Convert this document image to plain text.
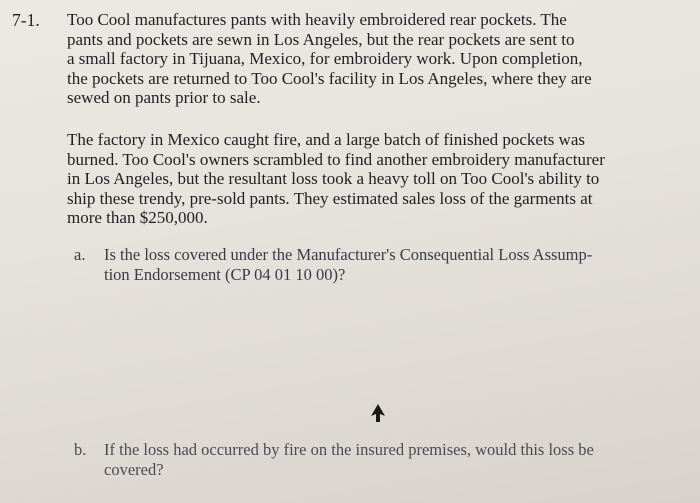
7-1. Too Cool manufactures pants with heavily embroidered rear pockets. The
pants and pockets are sewn in Los Angeles, but the rear pockets are sent to
a small factory in Tijuana, Mexico, for embroidery work. Upon completion,
the pockets are returned to Too Cool's facility in Los Angeles, where they are
sewed on pants prior to sale.

The factory in Mexico caught fire, and a large batch of finished pockets was
burned. Too Cool's owners scrambled to find another embroidery manufacturer
in Los Angeles, but the resultant loss took a heavy toll on Too Cool's ability to
ship these trendy, pre-sold pants. They estimated sales loss of the garments at
more than $250,000.

a. Is the loss covered under the Manufacturer's Consequential Loss Assump-
tion Endorsement (CP 04 01 10 00)?
b. If the loss had occurred by fire on the insured premises, would this loss be
covered?
